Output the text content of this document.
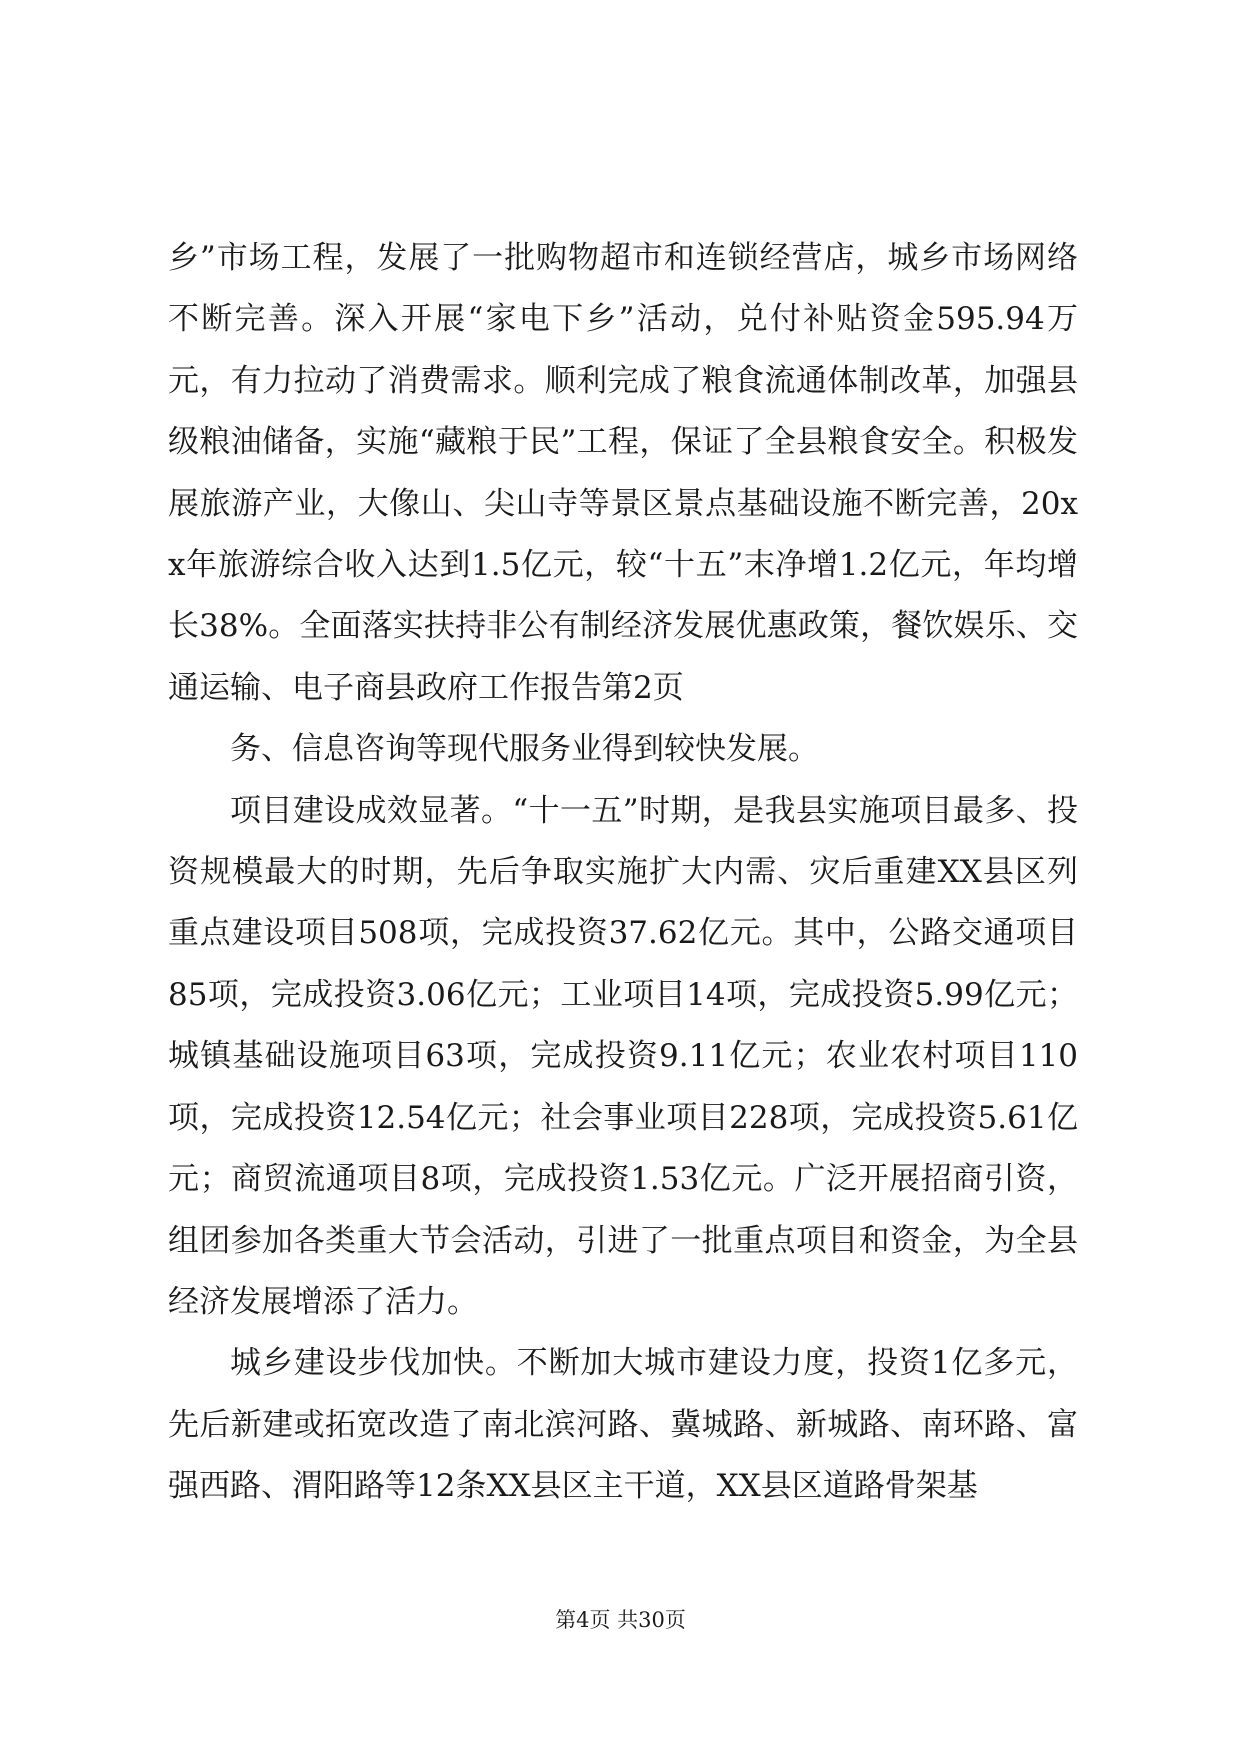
乡”市场工程，发展了一批购物超市和连锁经营店，城乡市场网络不断完善。深入开展“家电下乡”活动，兑付补贴资金595.94万元，有力拉动了消费需求。顺利完成了粮食流通体制改革，加强县级粮油储备，实施“藏粮于民”工程，保证了全县粮食安全。积极发展旅游产业，大像山、尖山寺等景区景点基础设施不断完善，20xx年旅游综合收入达到1.5亿元，较“十五”末净增1.2亿元，年均增长38%。全面落实扶持非公有制经济发展优惠政策，餐饮娱乐、交通运输、电子商县政府工作报告第2页

务、信息咨询等现代服务业得到较快发展。

项目建设成效显著。“十一五”时期，是我县实施项目最多、投资规模最大的时期，先后争取实施扩大内需、灾后重建XX县区列重点建设项目508项，完成投资37.62亿元。其中，公路交通项目85项，完成投资3.06亿元；工业项目14项，完成投资5.99亿元；城镇基础设施项目63项，完成投资9.11亿元；农业农村项目110项，完成投资12.54亿元；社会事业项目228项，完成投资5.61亿元；商贸流通项目8项，完成投资1.53亿元。广泛开展招商引资，组团参加各类重大节会活动，引进了一批重点项目和资金，为全县经济发展增添了活力。

城乡建设步伐加快。不断加大城市建设力度，投资1亿多元，先后新建或拓宽改造了南北滨河路、冀城路、新城路、南环路、富强西路、渭阳路等12条XX县区主干道，XX县区道路骨架基

第4页 共30页
